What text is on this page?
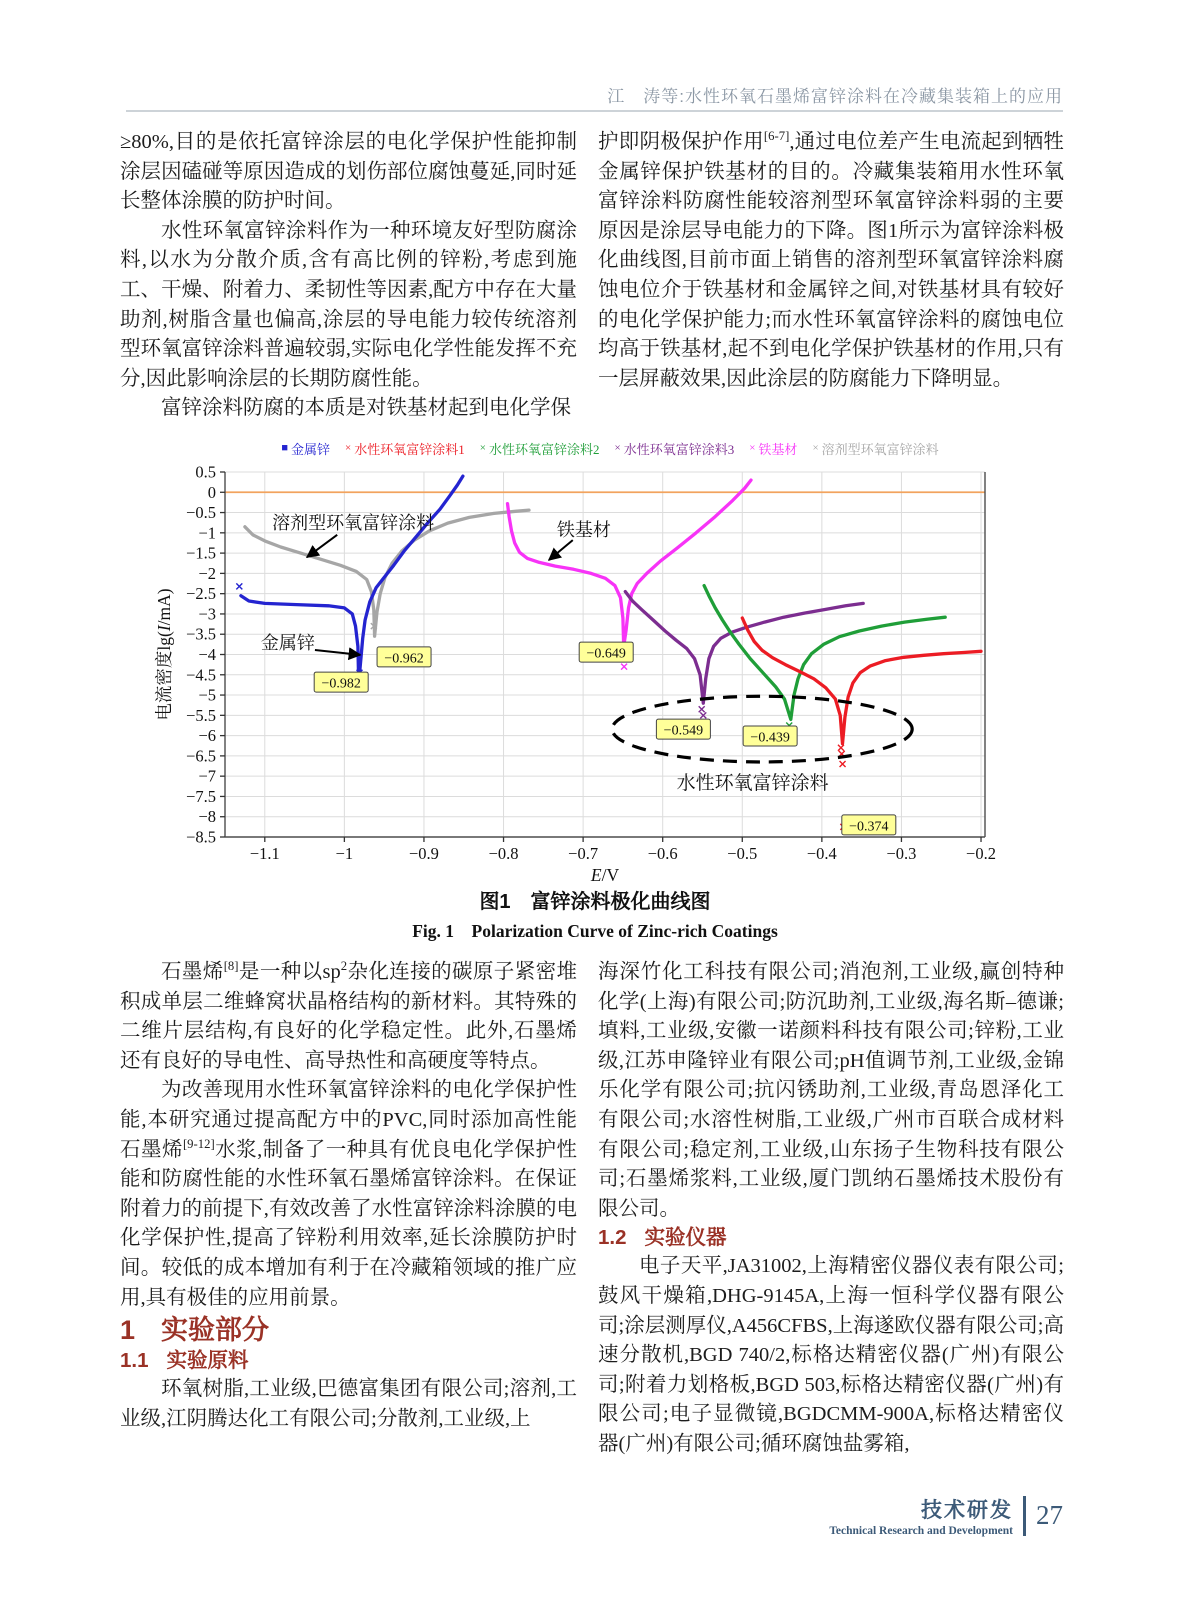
江　涛等:水性环氧石墨烯富锌涂料在冷藏集装箱上的应用

≥80%,目的是依托富锌涂层的电化学保护性能抑制涂层因磕碰等原因造成的划伤部位腐蚀蔓延,同时延长整体涂膜的防护时间。

水性环氧富锌涂料作为一种环境友好型防腐涂料,以水为分散介质,含有高比例的锌粉,考虑到施工、干燥、附着力、柔韧性等因素,配方中存在大量助剂,树脂含量也偏高,涂层的导电能力较传统溶剂型环氧富锌涂料普遍较弱,实际电化学性能发挥不充分,因此影响涂层的长期防腐性能。

富锌涂料防腐的本质是对铁基材起到电化学保

护即阴极保护作用[6-7],通过电位差产生电流起到牺牲金属锌保护铁基材的目的。冷藏集装箱用水性环氧富锌涂料防腐性能较溶剂型环氧富锌涂料弱的主要原因是涂层导电能力的下降。图1所示为富锌涂料极化曲线图,目前市面上销售的溶剂型环氧富锌涂料腐蚀电位介于铁基材和金属锌之间,对铁基材具有较好的电化学保护能力;而水性环氧富锌涂料的腐蚀电位均高于铁基材,起不到电化学保护铁基材的作用,只有一层屏蔽效果,因此涂层的防腐能力下降明显。

■ 金属锌 × 水性环氧富锌涂料1 × 水性环氧富锌涂料2 × 水性环氧富锌涂料3 × 铁基材 × 溶剂型环氧富锌涂料
−1.1	−1	−0.9	−0.8	−0.7	−0.6	−0.5	−0.4	−0.3	−0.2
0.5
0
−0.5
−1
−1.5
−2
−2.5
−3
−3.5
−4
−4.5
−5
−5.5
−6
−6.5
−7
−7.5
−8
−8.5
E/V
电流密度lg(I/mA)
溶剂型环氧富锌涂料
金属锌
铁基材
水性环氧富锌涂料
−0.982
−0.962	−0.649
−0.549	−0.439
−0.374
图1　富锌涂料极化曲线图
Fig. 1　Polarization Curve of Zinc-rich Coatings

石墨烯[8]是一种以$sp^2$杂化连接的碳原子紧密堆积成单层二维蜂窝状晶格结构的新材料。其特殊的二维片层结构,有良好的化学稳定性。此外,石墨烯还有良好的导电性、高导热性和高硬度等特点。

为改善现用水性环氧富锌涂料的电化学保护性能,本研究通过提高配方中的PVC,同时添加高性能石墨烯[9-12]水浆,制备了一种具有优良电化学保护性能和防腐性能的水性环氧石墨烯富锌涂料。在保证附着力的前提下,有效改善了水性富锌涂料涂膜的电化学保护性,提高了锌粉利用效率,延长涂膜防护时间。较低的成本增加有利于在冷藏箱领域的推广应用,具有极佳的应用前景。

1 实验部分

1.1 实验原料

环氧树脂,工业级,巴德富集团有限公司;溶剂,工业级,江阴腾达化工有限公司;分散剂,工业级,上

海深竹化工科技有限公司;消泡剂,工业级,赢创特种化学(上海)有限公司;防沉助剂,工业级,海名斯–德谦;填料,工业级,安徽一诺颜料科技有限公司;锌粉,工业级,江苏申隆锌业有限公司;pH值调节剂,工业级,金锦乐化学有限公司;抗闪锈助剂,工业级,青岛恩泽化工有限公司;水溶性树脂,工业级,广州市百联合成材料有限公司;稳定剂,工业级,山东扬子生物科技有限公司;石墨烯浆料,工业级,厦门凯纳石墨烯技术股份有限公司。

1.2 实验仪器

电子天平,JA31002,上海精密仪器仪表有限公司;鼓风干燥箱,DHG-9145A,上海一恒科学仪器有限公司;涂层测厚仪,A456CFBS,上海遂欧仪器有限公司;高速分散机,BGD 740/2,标格达精密仪器(广州)有限公司;附着力划格板,BGD 503,标格达精密仪器(广州)有限公司;电子显微镜,BGDCMM-900A,标格达精密仪器(广州)有限公司;循环腐蚀盐雾箱,

技术研发
Technical Research and Development
27
